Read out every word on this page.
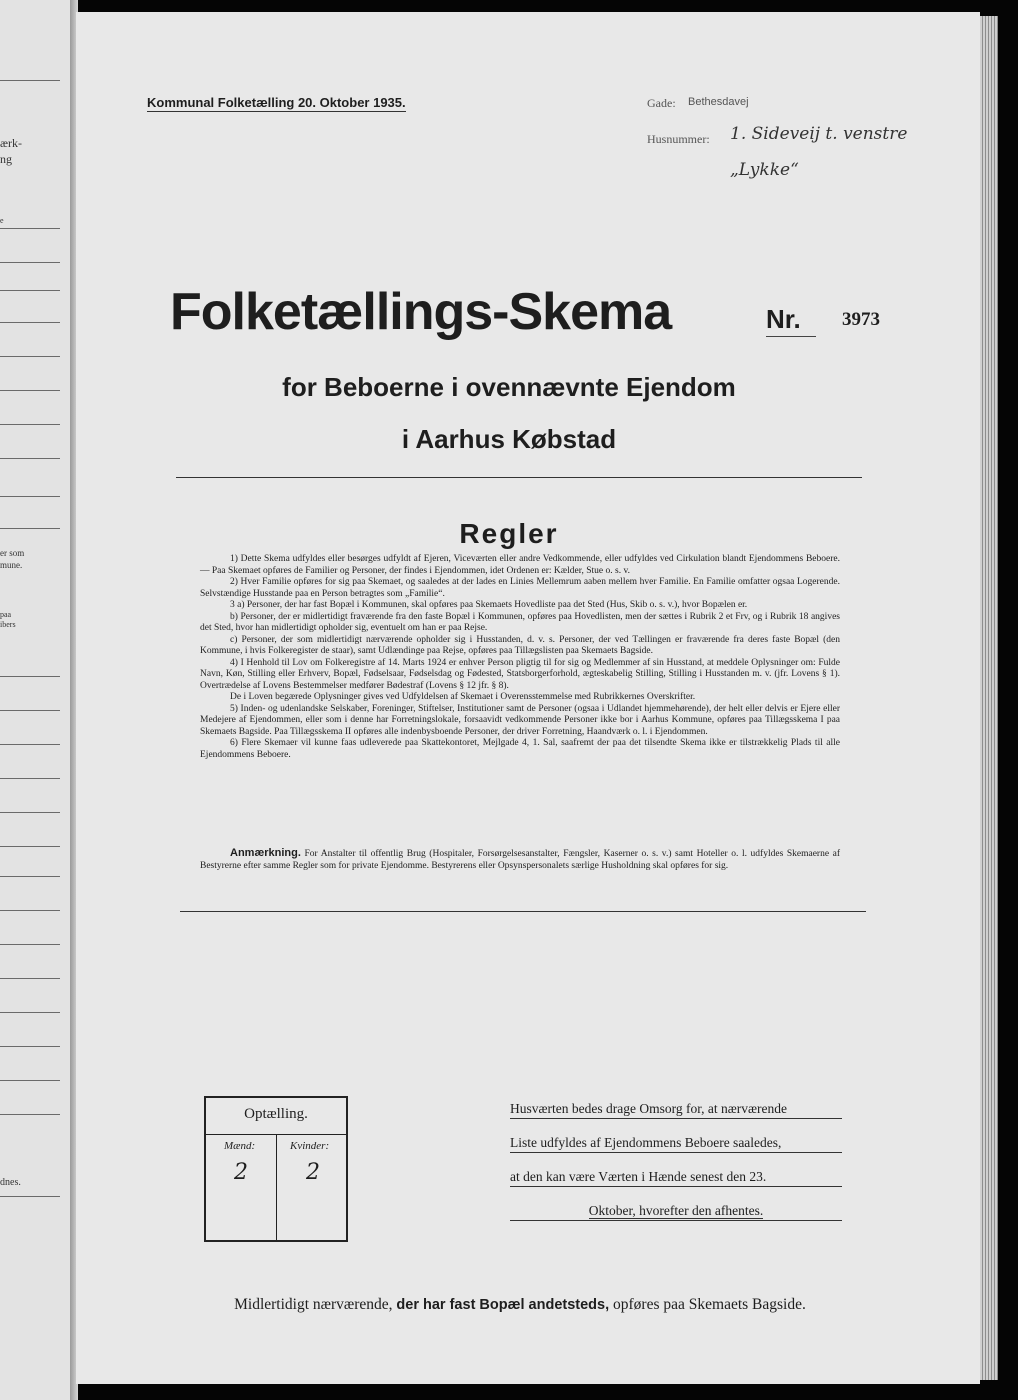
ærk-
ng
e
er som
mune.
paa
ibers
dnes.
Kommunal Folketælling 20. Oktober 1935.	Gade: Bethesdavej
Husnummer: 1. Sideveij t. venstre
„Lykke“
Folketællings-Skema	Nr. 3973
for Beboerne i ovennævnte Ejendom
i Aarhus Købstad
Regler

1) Dette Skema udfyldes eller besørges udfyldt af Ejeren, Viceværten eller andre Vedkommende, eller udfyldes ved Cirkulation blandt Ejendommens Beboere. — Paa Skemaet opføres de Familier og Personer, der findes i Ejendommen, idet Ordenen er: Kælder, Stue o. s. v.

2) Hver Familie opføres for sig paa Skemaet, og saaledes at der lades en Linies Mellemrum aaben mellem hver Familie. En Familie omfatter ogsaa Logerende. Selvstændige Husstande paa en Person betragtes som „Familie“.

3 a) Personer, der har fast Bopæl i Kommunen, skal opføres paa Skemaets Hovedliste paa det Sted (Hus, Skib o. s. v.), hvor Bopælen er.

b) Personer, der er midlertidigt fraværende fra den faste Bopæl i Kommunen, opføres paa Hovedlisten, men der sættes i Rubrik 2 et Frv, og i Rubrik 18 angives det Sted, hvor han midlertidigt opholder sig, eventuelt om han er paa Rejse.

c) Personer, der som midlertidigt nærværende opholder sig i Husstanden, d. v. s. Personer, der ved Tællingen er fraværende fra deres faste Bopæl (den Kommune, i hvis Folkeregister de staar), samt Udlændinge paa Rejse, opføres paa Tillægslisten paa Skemaets Bagside.

4) I Henhold til Lov om Folkeregistre af 14. Marts 1924 er enhver Person pligtig til for sig og Medlemmer af sin Husstand, at meddele Oplysninger om: Fulde Navn, Køn, Stilling eller Erhverv, Bopæl, Fødselsaar, Fødselsdag og Fødested, Statsborgerforhold, ægteskabelig Stilling, Stilling i Husstanden m. v. (jfr. Lovens § 1). Overtrædelse af Lovens Bestemmelser medfører Bødestraf (Lovens § 12 jfr. § 8).

De i Loven begærede Oplysninger gives ved Udfyldelsen af Skemaet i Overensstemmelse med Rubrikkernes Overskrifter.

5) Inden- og udenlandske Selskaber, Foreninger, Stiftelser, Institutioner samt de Personer (ogsaa i Udlandet hjemmehørende), der helt eller delvis er Ejere eller Medejere af Ejendommen, eller som i denne har Forretningslokale, forsaavidt vedkommende Personer ikke bor i Aarhus Kommune, opføres paa Tillægsskema I paa Skemaets Bagside. Paa Tillægsskema II opføres alle indenbysboende Personer, der driver Forretning, Haandværk o. l. i Ejendommen.

6) Flere Skemaer vil kunne faas udleverede paa Skattekontoret, Mejlgade 4, 1. Sal, saafremt der paa det tilsendte Skema ikke er tilstrækkelig Plads til alle Ejendommens Beboere.

Anmærkning. For Anstalter til offentlig Brug (Hospitaler, Forsørgelsesanstalter, Fængsler, Kaserner o. s. v.) samt Hoteller o. l. udfyldes Skemaerne af Bestyrerne efter samme Regler som for private Ejendomme. Bestyrerens eller Opsynspersonalets særlige Husholdning skal opføres for sig.

Optælling.
Mænd:	Kvinder:
2	2
Husværten bedes drage Omsorg for, at nærværende
Liste udfyldes af Ejendommens Beboere saaledes,
at den kan være Værten i Hænde senest den 23.
Oktober, hvorefter den afhentes.
Midlertidigt nærværende, der har fast Bopæl andetsteds, opføres paa Skemaets Bagside.
